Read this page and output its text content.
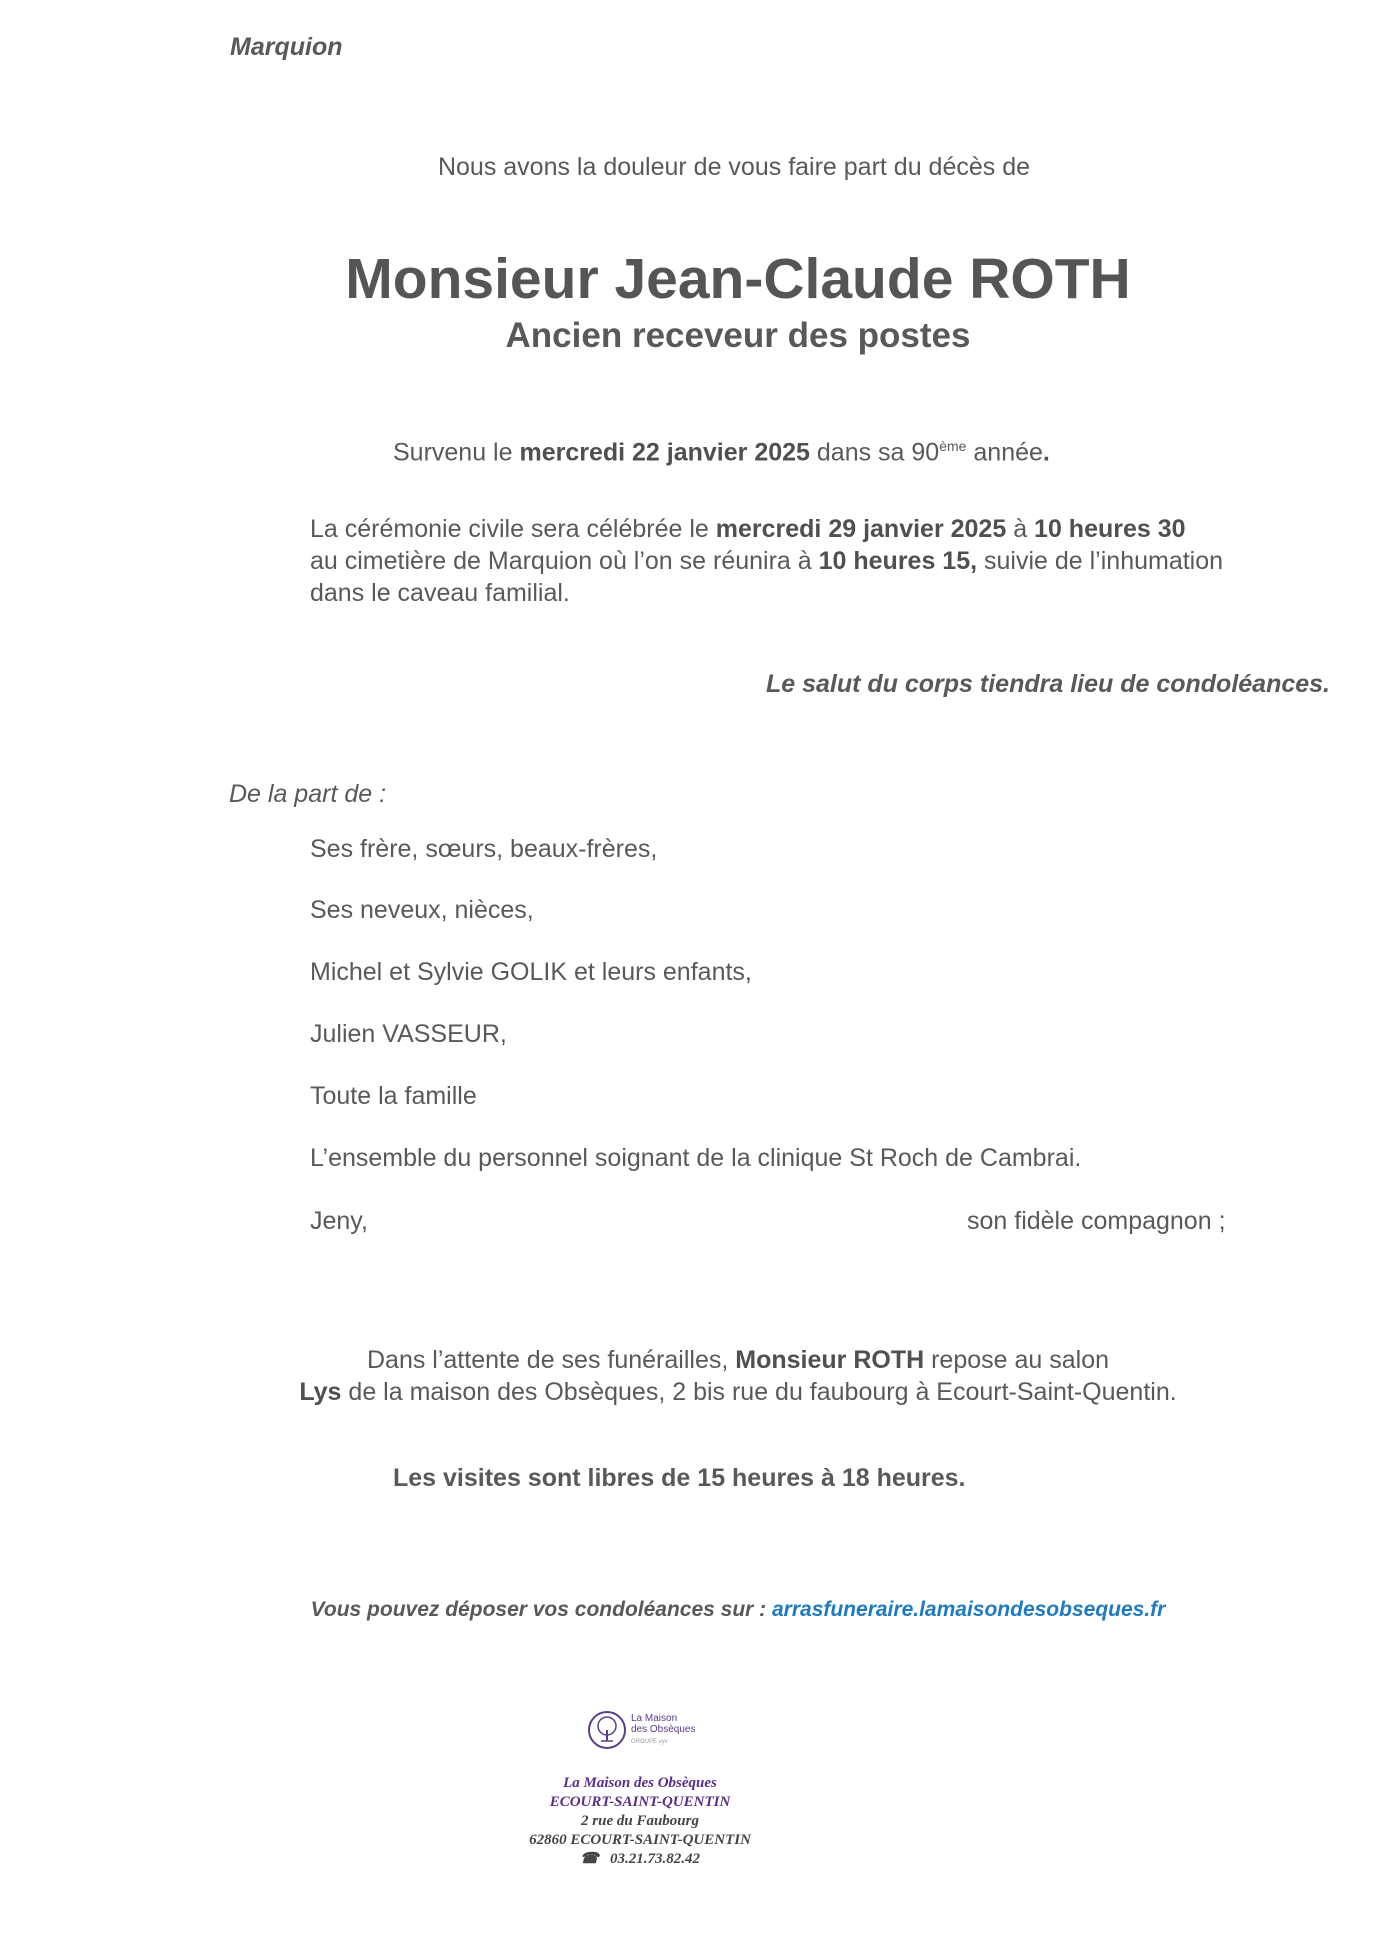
Marquion
Nous avons la douleur de vous faire part du décès de
Monsieur Jean-Claude ROTH
Ancien receveur des postes
Survenu le mercredi 22 janvier 2025 dans sa 90ème année.
La cérémonie civile sera célébrée le mercredi 29 janvier 2025 à 10 heures 30
au cimetière de Marquion où l’on se réunira à 10 heures 15, suivie de l’inhumation
dans le caveau familial.
Le salut du corps tiendra lieu de condoléances.
De la part de :
Ses frère, sœurs, beaux-frères,
Ses neveux, nièces,
Michel et Sylvie GOLIK et leurs enfants,
Julien VASSEUR,
Toute la famille
L’ensemble du personnel soignant de la clinique St Roch de Cambrai.
Jeny,	son fidèle compagnon ;
Dans l’attente de ses funérailles, Monsieur ROTH repose au salon
Lys de la maison des Obsèques, 2 bis rue du faubourg à Ecourt-Saint-Quentin.
Les visites sont libres de 15 heures à 18 heures.
Vous pouvez déposer vos condoléances sur : arrasfuneraire.lamaisondesobseques.fr
La Maison
des Obsèques
GROUPE vyv
La Maison des Obsèques
ECOURT-SAINT-QUENTIN
2 rue du Faubourg
62860 ECOURT-SAINT-QUENTIN
☎ 03.21.73.82.42
